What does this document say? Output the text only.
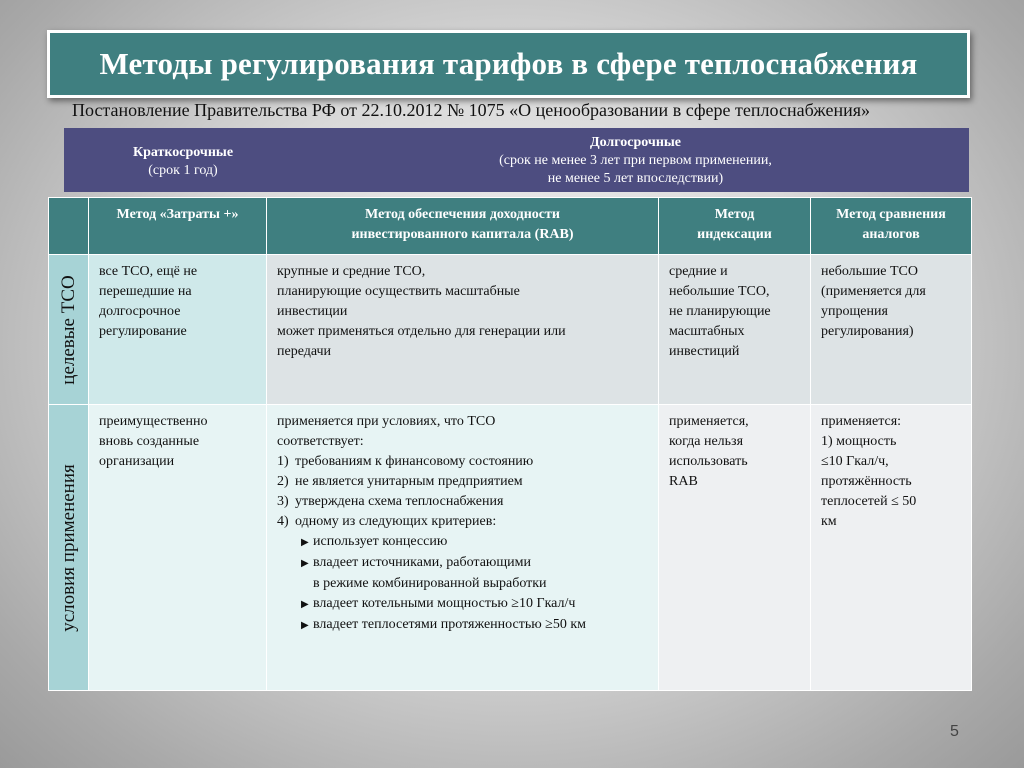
Методы регулирования тарифов в сфере теплоснабжения
Постановление Правительства РФ от 22.10.2012 № 1075 «О ценообразовании в сфере теплоснабжения»
Краткосрочные
(срок 1 год)
Долгосрочные
(срок не менее 3 лет при первом применении,
не менее 5 лет впоследствии)
Метод «Затраты +»	Метод обеспечения доходности инвестированного капитала (RAB)
Метод индексации
Метод сравнения аналогов
целевые ТСО
все ТСО, ещё не
перешедшие на
долгосрочное
регулирование
крупные и средние ТСО,
планирующие осуществить масштабные
инвестиции
может применяться отдельно для генерации или
передачи
средние и
небольшие ТСО,
не планирующие
масштабных
инвестиций
небольшие ТСО
(применяется для
упрощения
регулирования)
условия применения
преимущественно
вновь созданные
организации
применяется при условиях, что ТСО
соответствует:
1) требованиям к финансовому состоянию
2) не является унитарным предприятием
3) утверждена схема теплоснабжения
4) одному из следующих критериев:
▶ использует концессию
▶ владеет источниками, работающими
в режиме комбинированной выработки
▶ владеет котельными мощностью ≥10 Гкал/ч
▶ владеет теплосетями протяженностью ≥50 км
применяется,
когда нельзя
использовать
RAB
применяется:
1) мощность
≤10 Гкал/ч,
протяжённость
теплосетей ≤ 50
км
5
